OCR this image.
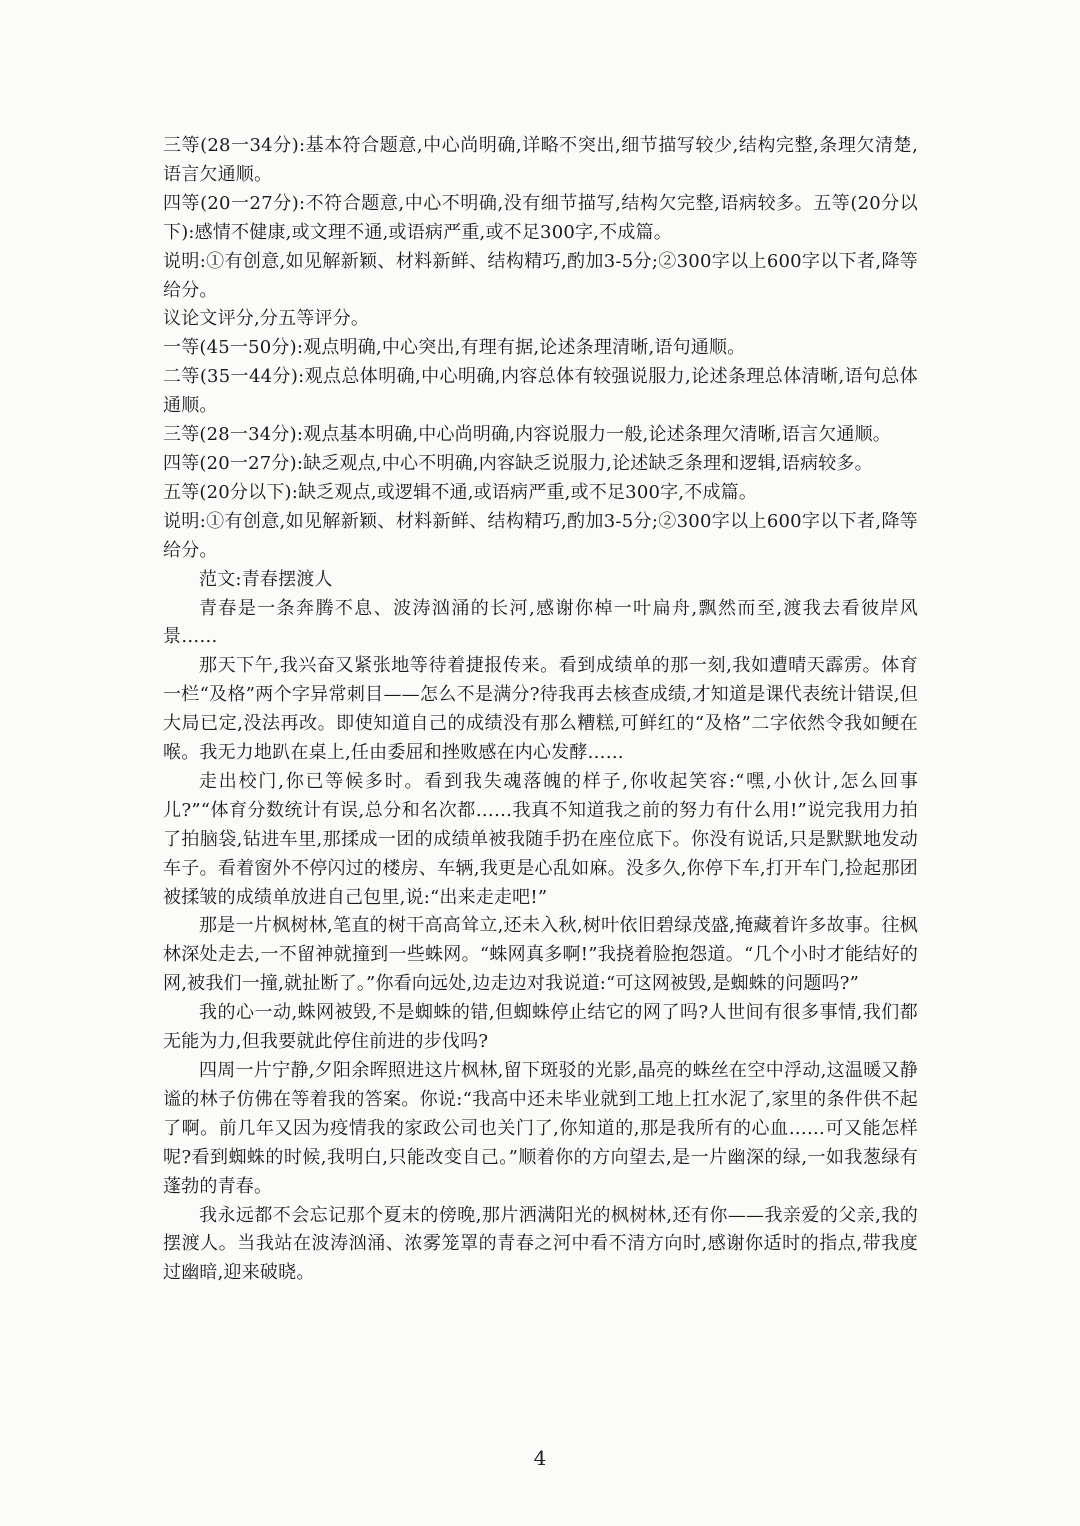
三等(28一34分):基本符合题意,中心尚明确,详略不突出,细节描写较少,结构完整,条理欠清楚,语言欠通顺。

四等(20一27分):不符合题意,中心不明确,没有细节描写,结构欠完整,语病较多。五等(20分以下):感情不健康,或文理不通,或语病严重,或不足300字,不成篇。

说明:①有创意,如见解新颖、材料新鲜、结构精巧,酌加3-5分;②300字以上600字以下者,降等给分。

议论文评分,分五等评分。

一等(45一50分):观点明确,中心突出,有理有据,论述条理清晰,语句通顺。

二等(35一44分):观点总体明确,中心明确,内容总体有较强说服力,论述条理总体清晰,语句总体通顺。

三等(28一34分):观点基本明确,中心尚明确,内容说服力一般,论述条理欠清晰,语言欠通顺。

四等(20一27分):缺乏观点,中心不明确,内容缺乏说服力,论述缺乏条理和逻辑,语病较多。

五等(20分以下):缺乏观点,或逻辑不通,或语病严重,或不足300字,不成篇。

说明:①有创意,如见解新颖、材料新鲜、结构精巧,酌加3-5分;②300字以上600字以下者,降等给分。

范文:青春摆渡人

青春是一条奔腾不息、波涛汹涌的长河,感谢你棹一叶扁舟,飘然而至,渡我去看彼岸风景……

那天下午,我兴奋又紧张地等待着捷报传来。看到成绩单的那一刻,我如遭晴天霹雳。体育一栏“及格”两个字异常刺目——怎么不是满分?待我再去核查成绩,才知道是课代表统计错误,但大局已定,没法再改。即使知道自己的成绩没有那么糟糕,可鲜红的“及格”二字依然令我如鲠在喉。我无力地趴在桌上,任由委屈和挫败感在内心发酵……

走出校门,你已等候多时。看到我失魂落魄的样子,你收起笑容:“嘿,小伙计,怎么回事儿?”“体育分数统计有误,总分和名次都……我真不知道我之前的努力有什么用!”说完我用力拍了拍脑袋,钻进车里,那揉成一团的成绩单被我随手扔在座位底下。你没有说话,只是默默地发动车子。看着窗外不停闪过的楼房、车辆,我更是心乱如麻。没多久,你停下车,打开车门,捡起那团被揉皱的成绩单放进自己包里,说:“出来走走吧!”

那是一片枫树林,笔直的树干高高耸立,还未入秋,树叶依旧碧绿茂盛,掩藏着许多故事。往枫林深处走去,一不留神就撞到一些蛛网。“蛛网真多啊!”我挠着脸抱怨道。“几个小时才能结好的网,被我们一撞,就扯断了。”你看向远处,边走边对我说道:“可这网被毁,是蜘蛛的问题吗?”

我的心一动,蛛网被毁,不是蜘蛛的错,但蜘蛛停止结它的网了吗?人世间有很多事情,我们都无能为力,但我要就此停住前进的步伐吗?

四周一片宁静,夕阳余晖照进这片枫林,留下斑驳的光影,晶亮的蛛丝在空中浮动,这温暖又静谧的林子仿佛在等着我的答案。你说:“我高中还未毕业就到工地上扛水泥了,家里的条件供不起了啊。前几年又因为疫情我的家政公司也关门了,你知道的,那是我所有的心血……可又能怎样呢?看到蜘蛛的时候,我明白,只能改变自己。”顺着你的方向望去,是一片幽深的绿,一如我葱绿有蓬勃的青春。

我永远都不会忘记那个夏末的傍晚,那片洒满阳光的枫树林,还有你——我亲爱的父亲,我的摆渡人。当我站在波涛汹涌、浓雾笼罩的青春之河中看不清方向时,感谢你适时的指点,带我度过幽暗,迎来破晓。

4
